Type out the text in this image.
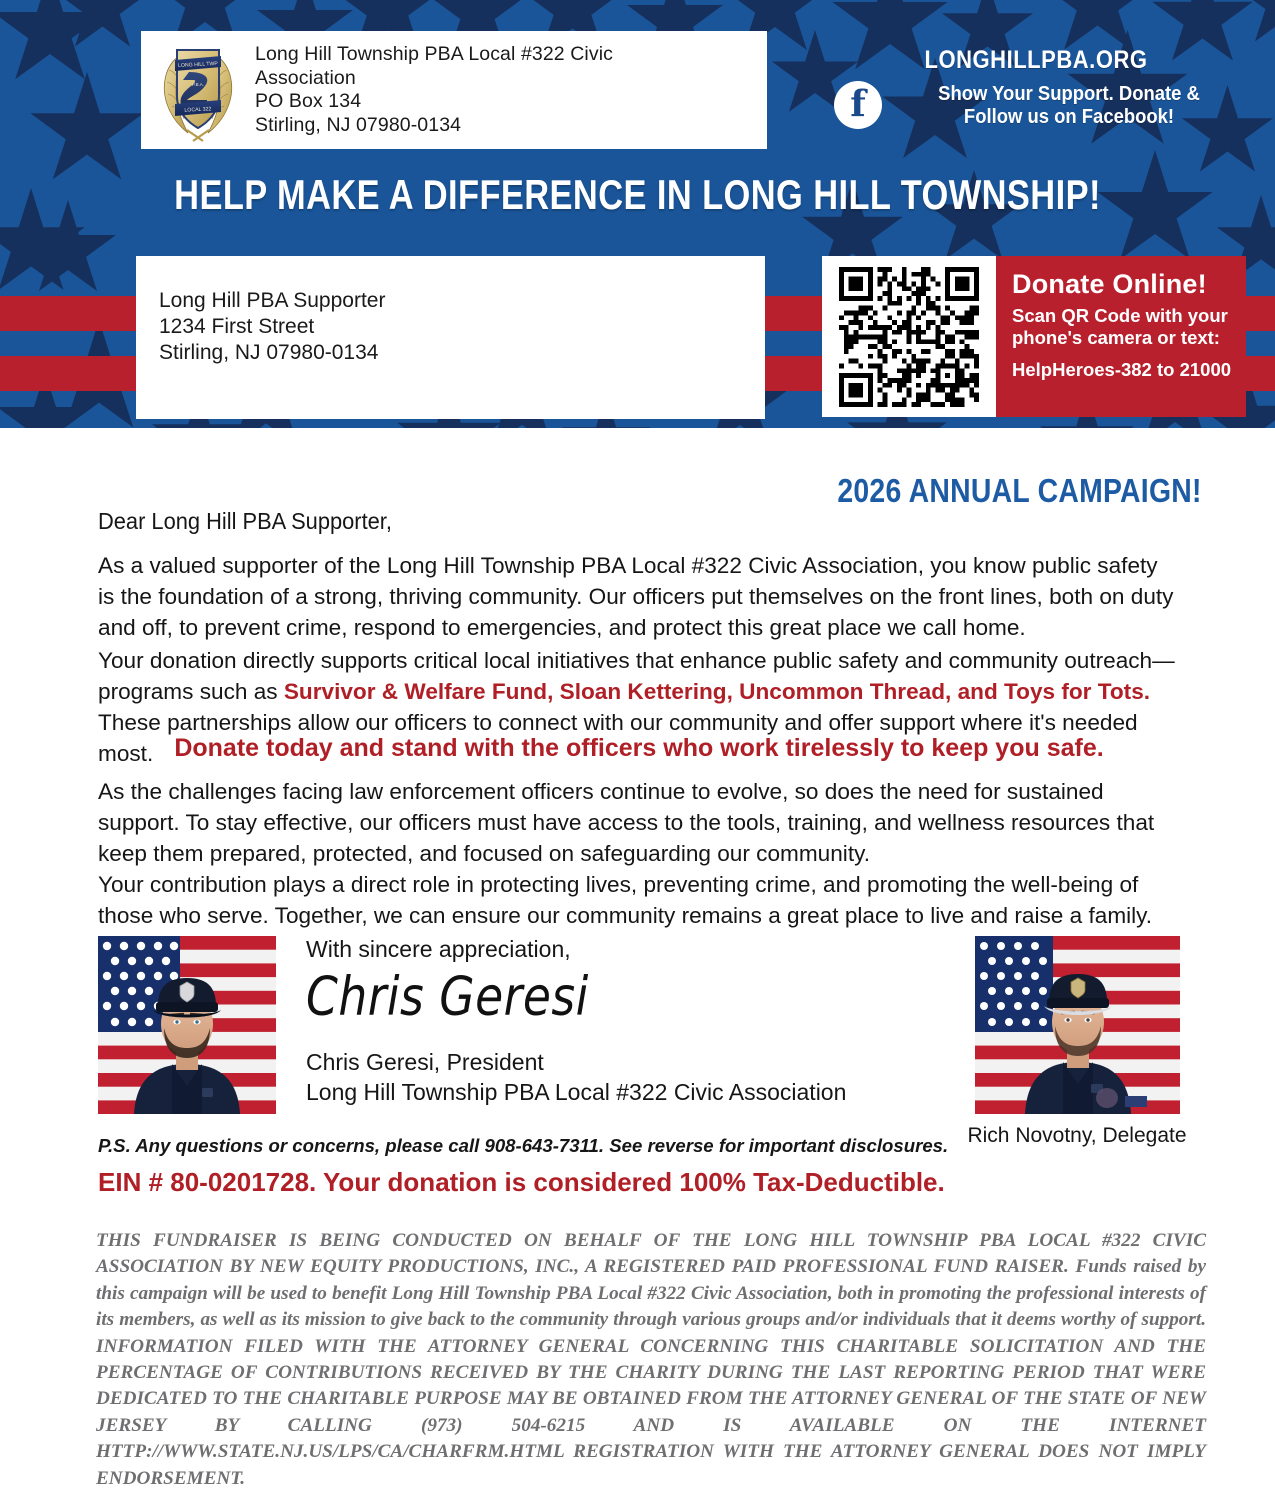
LONG HILL TWP
P.B.A.
LOCAL 322
Long Hill Township PBA Local #322 Civic
Association
PO Box 134
Stirling, NJ 07980-0134
LONGHILLPBA.ORG
f
Show Your Support. Donate &
Follow us on Facebook!
HELP MAKE A DIFFERENCE IN LONG HILL TOWNSHIP!
Long Hill PBA Supporter
1234 First Street
Stirling, NJ 07980-0134
Donate Online!
Scan QR Code with your
phone's camera or text:
HelpHeroes-382 to 21000
2026 ANNUAL CAMPAIGN!
Dear Long Hill PBA Supporter,
As a valued supporter of the Long Hill Township PBA Local #322 Civic Association, you know public safety is the foundation of a strong, thriving community. Our officers put themselves on the front lines, both on duty and off, to prevent crime, respond to emergencies, and protect this great place we call home.
Your donation directly supports critical local initiatives that enhance public safety and community outreach—programs such as Survivor & Welfare Fund, Sloan Kettering, Uncommon Thread, and Toys for Tots. These partnerships allow our officers to connect with our community and offer support where it's needed most. Donate today and stand with the officers who work tirelessly to keep you safe.
As the challenges facing law enforcement officers continue to evolve, so does the need for sustained support. To stay effective, our officers must have access to the tools, training, and wellness resources that keep them prepared, protected, and focused on safeguarding our community.
Your contribution plays a direct role in protecting lives, preventing crime, and promoting the well-being of those who serve. Together, we can ensure our community remains a great place to live and raise a family.
With sincere appreciation,
Chris Geresi
Chris Geresi, President
Long Hill Township PBA Local #322 Civic Association
Rich Novotny, Delegate
P.S. Any questions or concerns, please call 908-643-7311. See reverse for important disclosures.
EIN # 80-0201728. Your donation is considered 100% Tax-Deductible.
THIS FUNDRAISER IS BEING CONDUCTED ON BEHALF OF THE LONG HILL TOWNSHIP PBA LOCAL #322 CIVIC ASSOCIATION BY NEW EQUITY PRODUCTIONS, INC., A REGISTERED PAID PROFESSIONAL FUND RAISER. Funds raised by this campaign will be used to benefit Long Hill Township PBA Local #322 Civic Association, both in promoting the professional interests of its members, as well as its mission to give back to the community through various groups and/or individuals that it deems worthy of support. INFORMATION FILED WITH THE ATTORNEY GENERAL CONCERNING THIS CHARITABLE SOLICITATION AND THE PERCENTAGE OF CONTRIBUTIONS RECEIVED BY THE CHARITY DURING THE LAST REPORTING PERIOD THAT WERE DEDICATED TO THE CHARITABLE PURPOSE MAY BE OBTAINED FROM THE ATTORNEY GENERAL OF THE STATE OF NEW JERSEY BY CALLING (973) 504-6215 AND IS AVAILABLE ON THE INTERNET HTTP://WWW.STATE.NJ.US/LPS/CA/CHARFRM.HTML REGISTRATION WITH THE ATTORNEY GENERAL DOES NOT IMPLY ENDORSEMENT.
